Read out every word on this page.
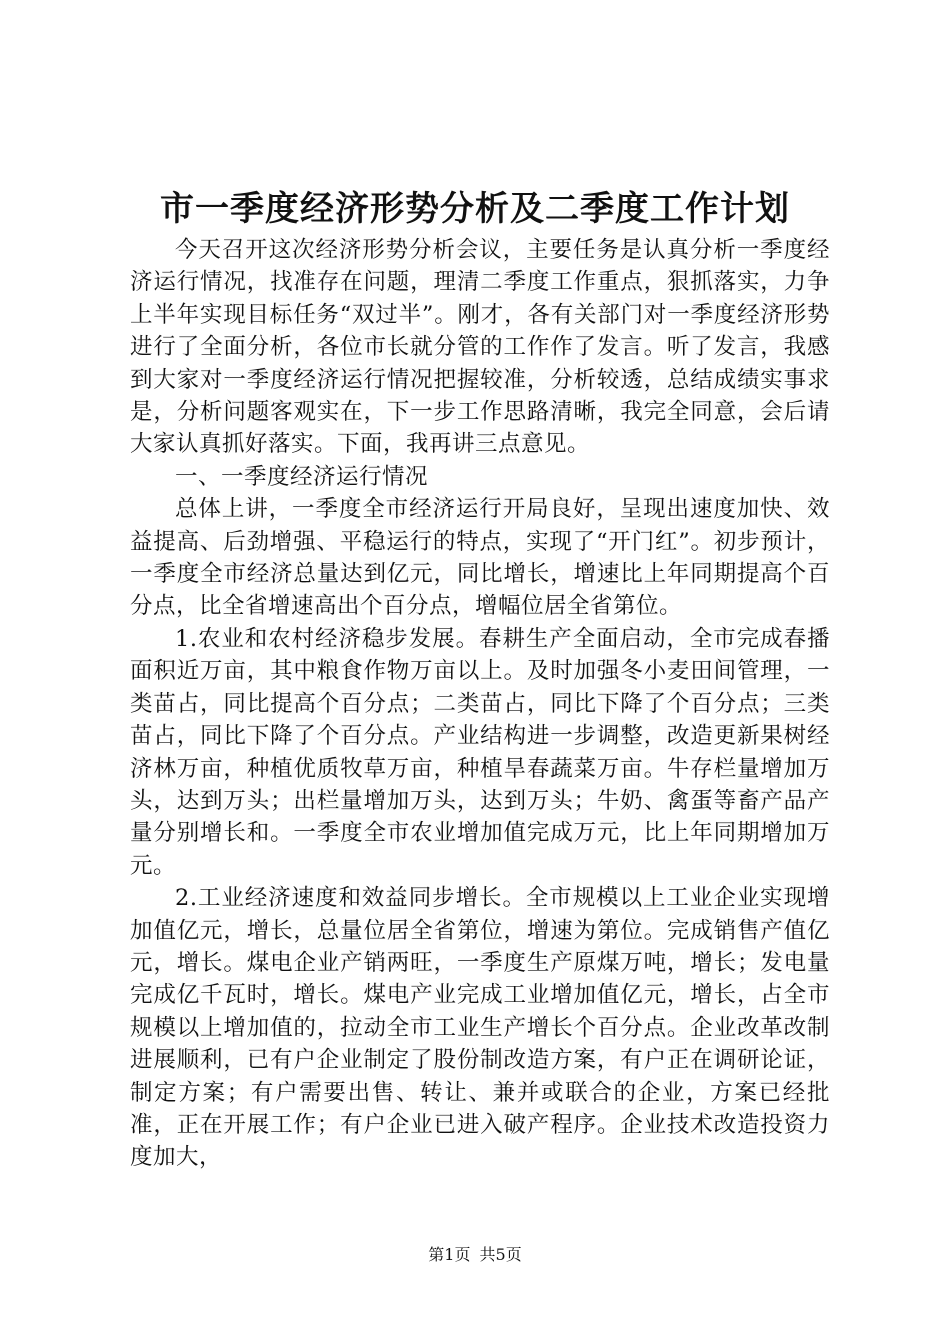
市一季度经济形势分析及二季度工作计划

今天召开这次经济形势分析会议，主要任务是认真分析一季度经济运行情况，找准存在问题，理清二季度工作重点，狠抓落实，力争上半年实现目标任务“双过半”。刚才，各有关部门对一季度经济形势进行了全面分析，各位市长就分管的工作作了发言。听了发言，我感到大家对一季度经济运行情况把握较准，分析较透，总结成绩实事求是，分析问题客观实在，下一步工作思路清晰，我完全同意，会后请大家认真抓好落实。下面，我再讲三点意见。

一、一季度经济运行情况

总体上讲，一季度全市经济运行开局良好，呈现出速度加快、效益提高、后劲增强、平稳运行的特点，实现了“开门红”。初步预计，一季度全市经济总量达到亿元，同比增长，增速比上年同期提高个百分点，比全省增速高出个百分点，增幅位居全省第位。

1.农业和农村经济稳步发展。春耕生产全面启动，全市完成春播面积近万亩，其中粮食作物万亩以上。及时加强冬小麦田间管理，一类苗占，同比提高个百分点；二类苗占，同比下降了个百分点；三类苗占，同比下降了个百分点。产业结构进一步调整，改造更新果树经济林万亩，种植优质牧草万亩，种植旱春蔬菜万亩。牛存栏量增加万头，达到万头；出栏量增加万头，达到万头；牛奶、禽蛋等畜产品产量分别增长和。一季度全市农业增加值完成万元，比上年同期增加万元。

2.工业经济速度和效益同步增长。全市规模以上工业企业实现增加值亿元，增长，总量位居全省第位，增速为第位。完成销售产值亿元，增长。煤电企业产销两旺，一季度生产原煤万吨，增长；发电量完成亿千瓦时，增长。煤电产业完成工业增加值亿元，增长，占全市规模以上增加值的，拉动全市工业生产增长个百分点。企业改革改制进展顺利，已有户企业制定了股份制改造方案，有户正在调研论证，制定方案；有户需要出售、转让、兼并或联合的企业，方案已经批准，正在开展工作；有户企业已进入破产程序。企业技术改造投资力度加大，

第1页 共5页
